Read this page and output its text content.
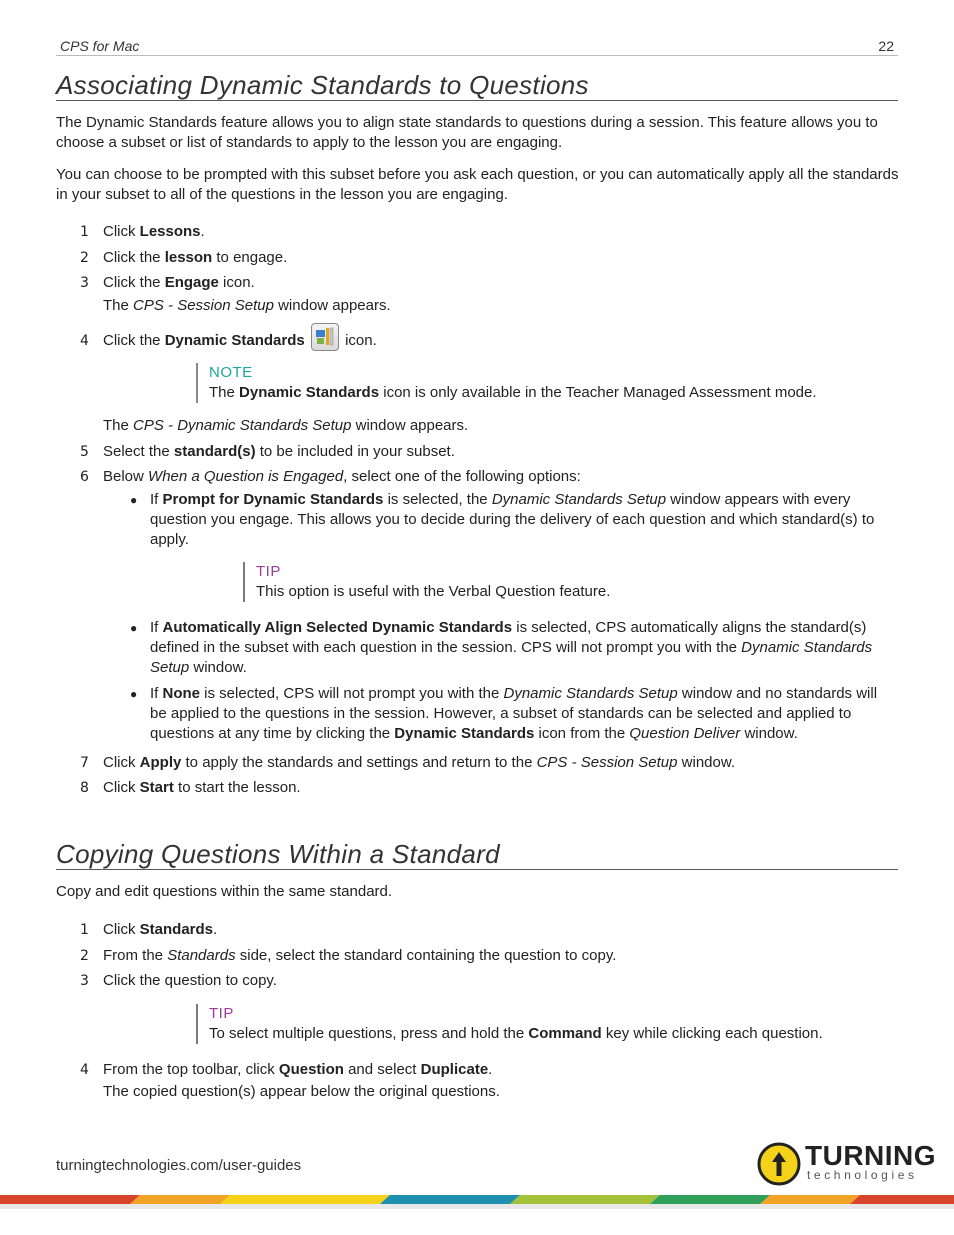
CPS for Mac	22
Associating Dynamic Standards to Questions

The Dynamic Standards feature allows you to align state standards to questions during a session. This feature allows you to choose a subset or list of standards to apply to the lesson you are engaging.

You can choose to be prompted with this subset before you ask each question, or you can automatically apply all the standards in your subset to all of the questions in the lesson you are engaging.

1 Click Lessons.
2 Click the lesson to engage.
3 Click the Engage icon.
The CPS - Session Setup window appears.
4 Click the Dynamic Standards  icon.
NOTE
The Dynamic Standards icon is only available in the Teacher Managed Assessment mode.
The CPS - Dynamic Standards Setup window appears.
5 Select the standard(s) to be included in your subset.
6 Below When a Question is Engaged, select one of the following options:
● If Prompt for Dynamic Standards is selected, the Dynamic Standards Setup window appears with every question you engage. This allows you to decide during the delivery of each question and which standard(s) to apply.
TIP
This option is useful with the Verbal Question feature.
● If Automatically Align Selected Dynamic Standards is selected, CPS automatically aligns the standard(s) defined in the subset with each question in the session. CPS will not prompt you with the Dynamic Standards Setup window.
● If None is selected, CPS will not prompt you with the Dynamic Standards Setup window and no standards will be applied to the questions in the session. However, a subset of standards can be selected and applied to questions at any time by clicking the Dynamic Standards icon from the Question Deliver window.
7 Click Apply to apply the standards and settings and return to the CPS - Session Setup window.
8 Click Start to start the lesson.
Copying Questions Within a Standard

Copy and edit questions within the same standard.

1 Click Standards.
2 From the Standards side, select the standard containing the question to copy.
3 Click the question to copy.
TIP
To select multiple questions, press and hold the Command key while clicking each question.
4 From the top toolbar, click Question and select Duplicate.
The copied question(s) appear below the original questions.
turningtechnologies.com/user-guides	TURNING
technologies
